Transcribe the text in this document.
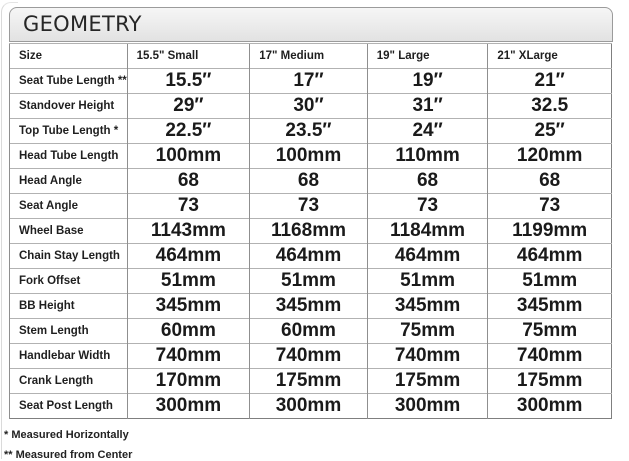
GEOMETRY
Size	15.5" Small	17" Medium	19" Large	21" XLarge
Seat Tube Length **	15.5″	17″	19″	21″
Standover Height	29″	30″	31″	32.5
Top Tube Length *	22.5″	23.5″	24″	25″
Head Tube Length	100mm	100mm	110mm	120mm
Head Angle	68	68	68	68
Seat Angle	73	73	73	73
Wheel Base	1143mm	1168mm	1184mm	1199mm
Chain Stay Length	464mm	464mm	464mm	464mm
Fork Offset	51mm	51mm	51mm	51mm
BB Height	345mm	345mm	345mm	345mm
Stem Length	60mm	60mm	75mm	75mm
Handlebar Width	740mm	740mm	740mm	740mm
Crank Length	170mm	175mm	175mm	175mm
Seat Post Length	300mm	300mm	300mm	300mm
* Measured Horizontally
** Measured from Center
